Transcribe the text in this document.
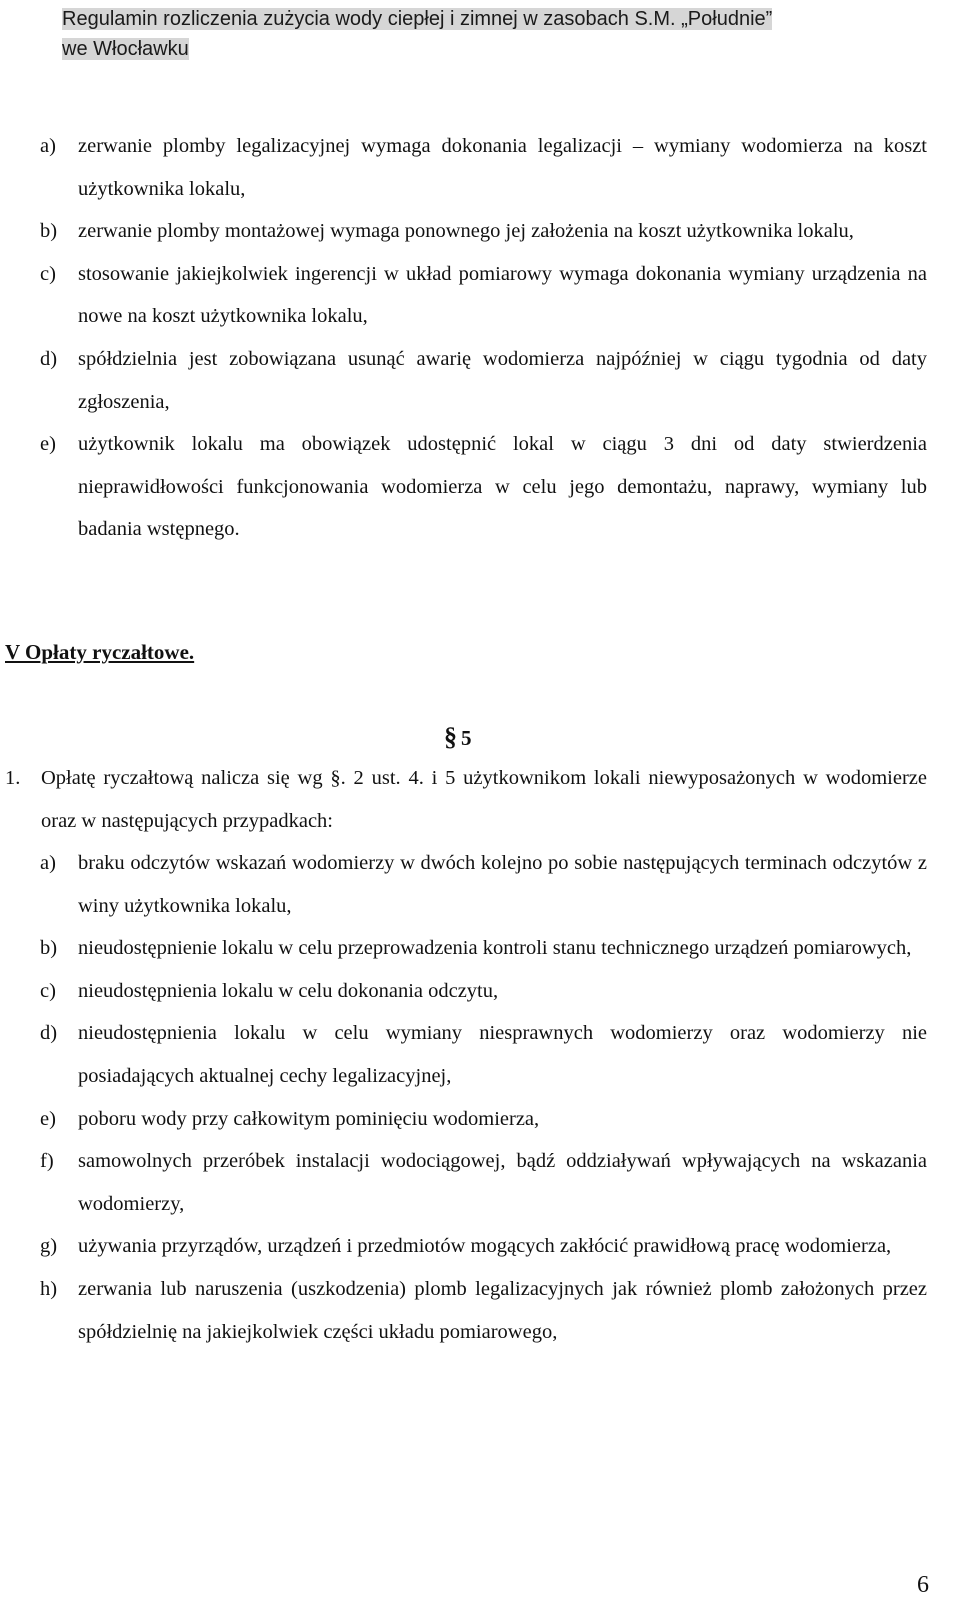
Regulamin rozliczenia zużycia wody ciepłej i zimnej w zasobach S.M. „Południe”
we Włocławku
a) zerwanie plomby legalizacyjnej wymaga dokonania legalizacji – wymiany wodomierza na koszt użytkownika lokalu,
b) zerwanie plomby montażowej wymaga ponownego jej założenia na koszt użytkownika lokalu,
c) stosowanie jakiejkolwiek ingerencji w układ pomiarowy wymaga dokonania wymiany urządzenia na nowe na koszt użytkownika lokalu,
d) spółdzielnia jest zobowiązana usunąć awarię wodomierza najpóźniej w ciągu tygodnia od daty zgłoszenia,
e) użytkownik lokalu ma obowiązek udostępnić lokal w ciągu 3 dni od daty stwierdzenia nieprawidłowości funkcjonowania wodomierza w celu jego demontażu, naprawy, wymiany lub badania wstępnego.
V Opłaty ryczałtowe.
§ 5
1. Opłatę ryczałtową nalicza się wg §. 2 ust. 4. i 5 użytkownikom lokali niewyposażonych w wodomierze oraz w następujących przypadkach:
a) braku odczytów wskazań wodomierzy w dwóch kolejno po sobie następujących terminach odczytów z winy użytkownika lokalu,
b) nieudostępnienie lokalu w celu przeprowadzenia kontroli stanu technicznego urządzeń pomiarowych,
c) nieudostępnienia lokalu w celu dokonania odczytu,
d) nieudostępnienia lokalu w celu wymiany niesprawnych wodomierzy oraz wodomierzy nie posiadających aktualnej cechy legalizacyjnej,
e) poboru wody przy całkowitym pominięciu wodomierza,
f) samowolnych przeróbek instalacji wodociągowej, bądź oddziaływań wpływających na wskazania wodomierzy,
g) używania przyrządów, urządzeń i przedmiotów mogących zakłócić prawidłową pracę wodomierza,
h) zerwania lub naruszenia (uszkodzenia) plomb legalizacyjnych jak również plomb założonych przez spółdzielnię na jakiejkolwiek części układu pomiarowego,
6
